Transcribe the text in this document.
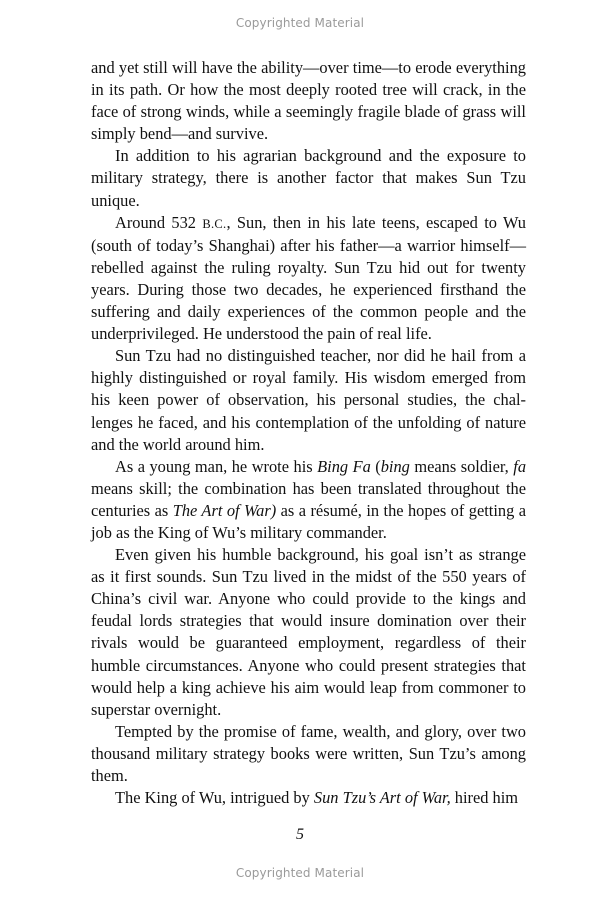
Copyrighted Material

and yet still will have the ability—over time—to erode everything in its path. Or how the most deeply rooted tree will crack, in the face of strong winds, while a seemingly fragile blade of grass will simply bend—and survive.

In addition to his agrarian background and the exposure to military strategy, there is another factor that makes Sun Tzu unique.

Around 532 B.C., Sun, then in his late teens, escaped to Wu (south of today’s Shanghai) after his father—a warrior himself—rebelled against the ruling royalty. Sun Tzu hid out for twenty years. During those two decades, he experienced firsthand the suffering and daily experiences of the common people and the underprivileged. He understood the pain of real life.

Sun Tzu had no distinguished teacher, nor did he hail from a highly distinguished or royal family. His wisdom emerged from his keen power of observation, his personal studies, the challenges he faced, and his contemplation of the unfolding of nature and the world around him.

As a young man, he wrote his Bing Fa (bing means soldier, fa means skill; the combination has been translated throughout the centuries as The Art of War) as a résumé, in the hopes of getting a job as the King of Wu’s military commander.

Even given his humble background, his goal isn’t as strange as it first sounds. Sun Tzu lived in the midst of the 550 years of China’s civil war. Anyone who could provide to the kings and feudal lords strategies that would insure domination over their rivals would be guaranteed employment, regardless of their humble circumstances. Anyone who could present strategies that would help a king achieve his aim would leap from commoner to superstar overnight.

Tempted by the promise of fame, wealth, and glory, over two thousand military strategy books were written, Sun Tzu’s among them.

The King of Wu, intrigued by Sun Tzu’s Art of War, hired him

5
Copyrighted Material
